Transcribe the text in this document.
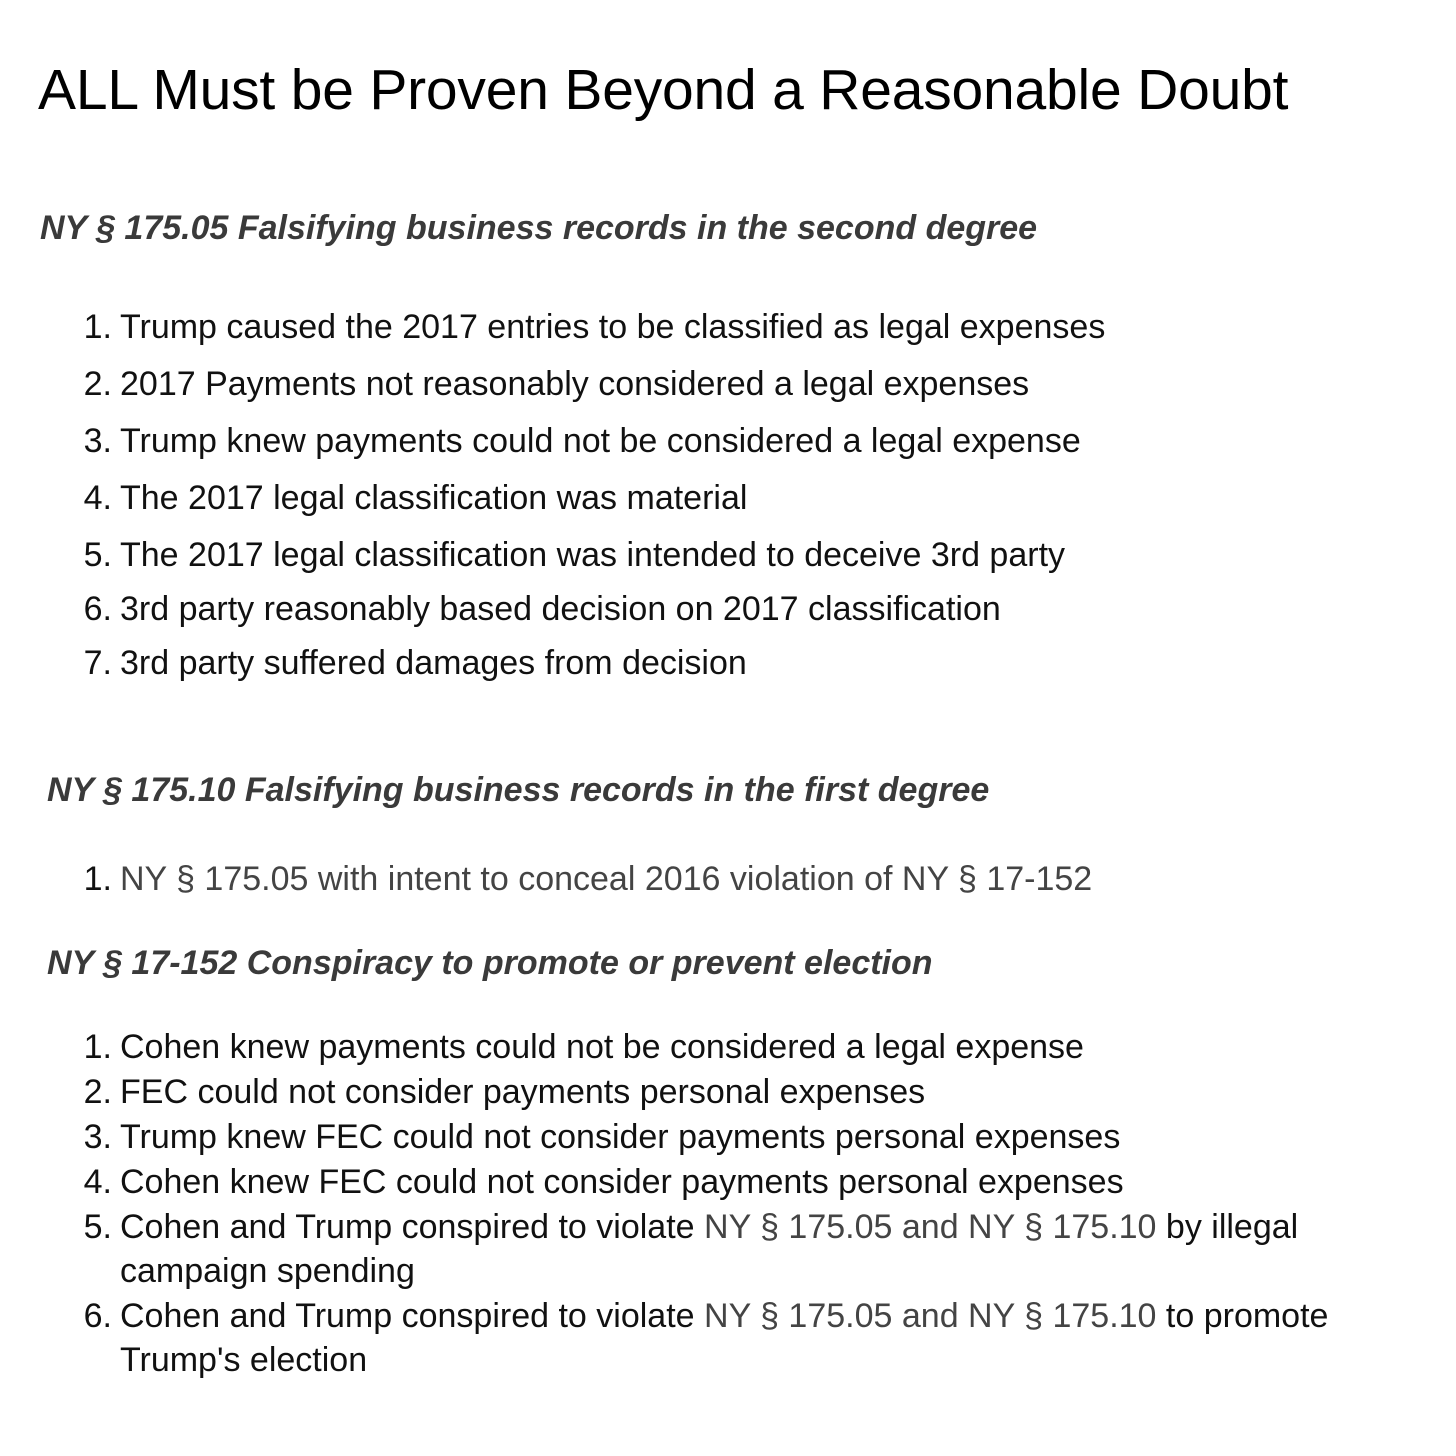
ALL Must be Proven Beyond a Reasonable Doubt
NY § 175.05 Falsifying business records in the second degree
1. Trump caused the 2017 entries to be classified as legal expenses
2. 2017 Payments not reasonably considered a legal expenses
3. Trump knew payments could not be considered a legal expense
4. The 2017 legal classification was material
5. The 2017 legal classification was intended to deceive 3rd party
6. 3rd party reasonably based decision on 2017 classification
7. 3rd party suffered damages from decision
NY § 175.10 Falsifying business records in the first degree
1. NY § 175.05 with intent to conceal 2016 violation of NY § 17-152
NY § 17-152 Conspiracy to promote or prevent election
1. Cohen knew payments could not be considered a legal expense
2. FEC could not consider payments personal expenses
3. Trump knew FEC could not consider payments personal expenses
4. Cohen knew FEC could not consider payments personal expenses
5. Cohen and Trump conspired to violate NY § 175.05 and NY § 175.10 by illegal campaign spending
6. Cohen and Trump conspired to violate NY § 175.05 and NY § 175.10 to promote Trump's election
